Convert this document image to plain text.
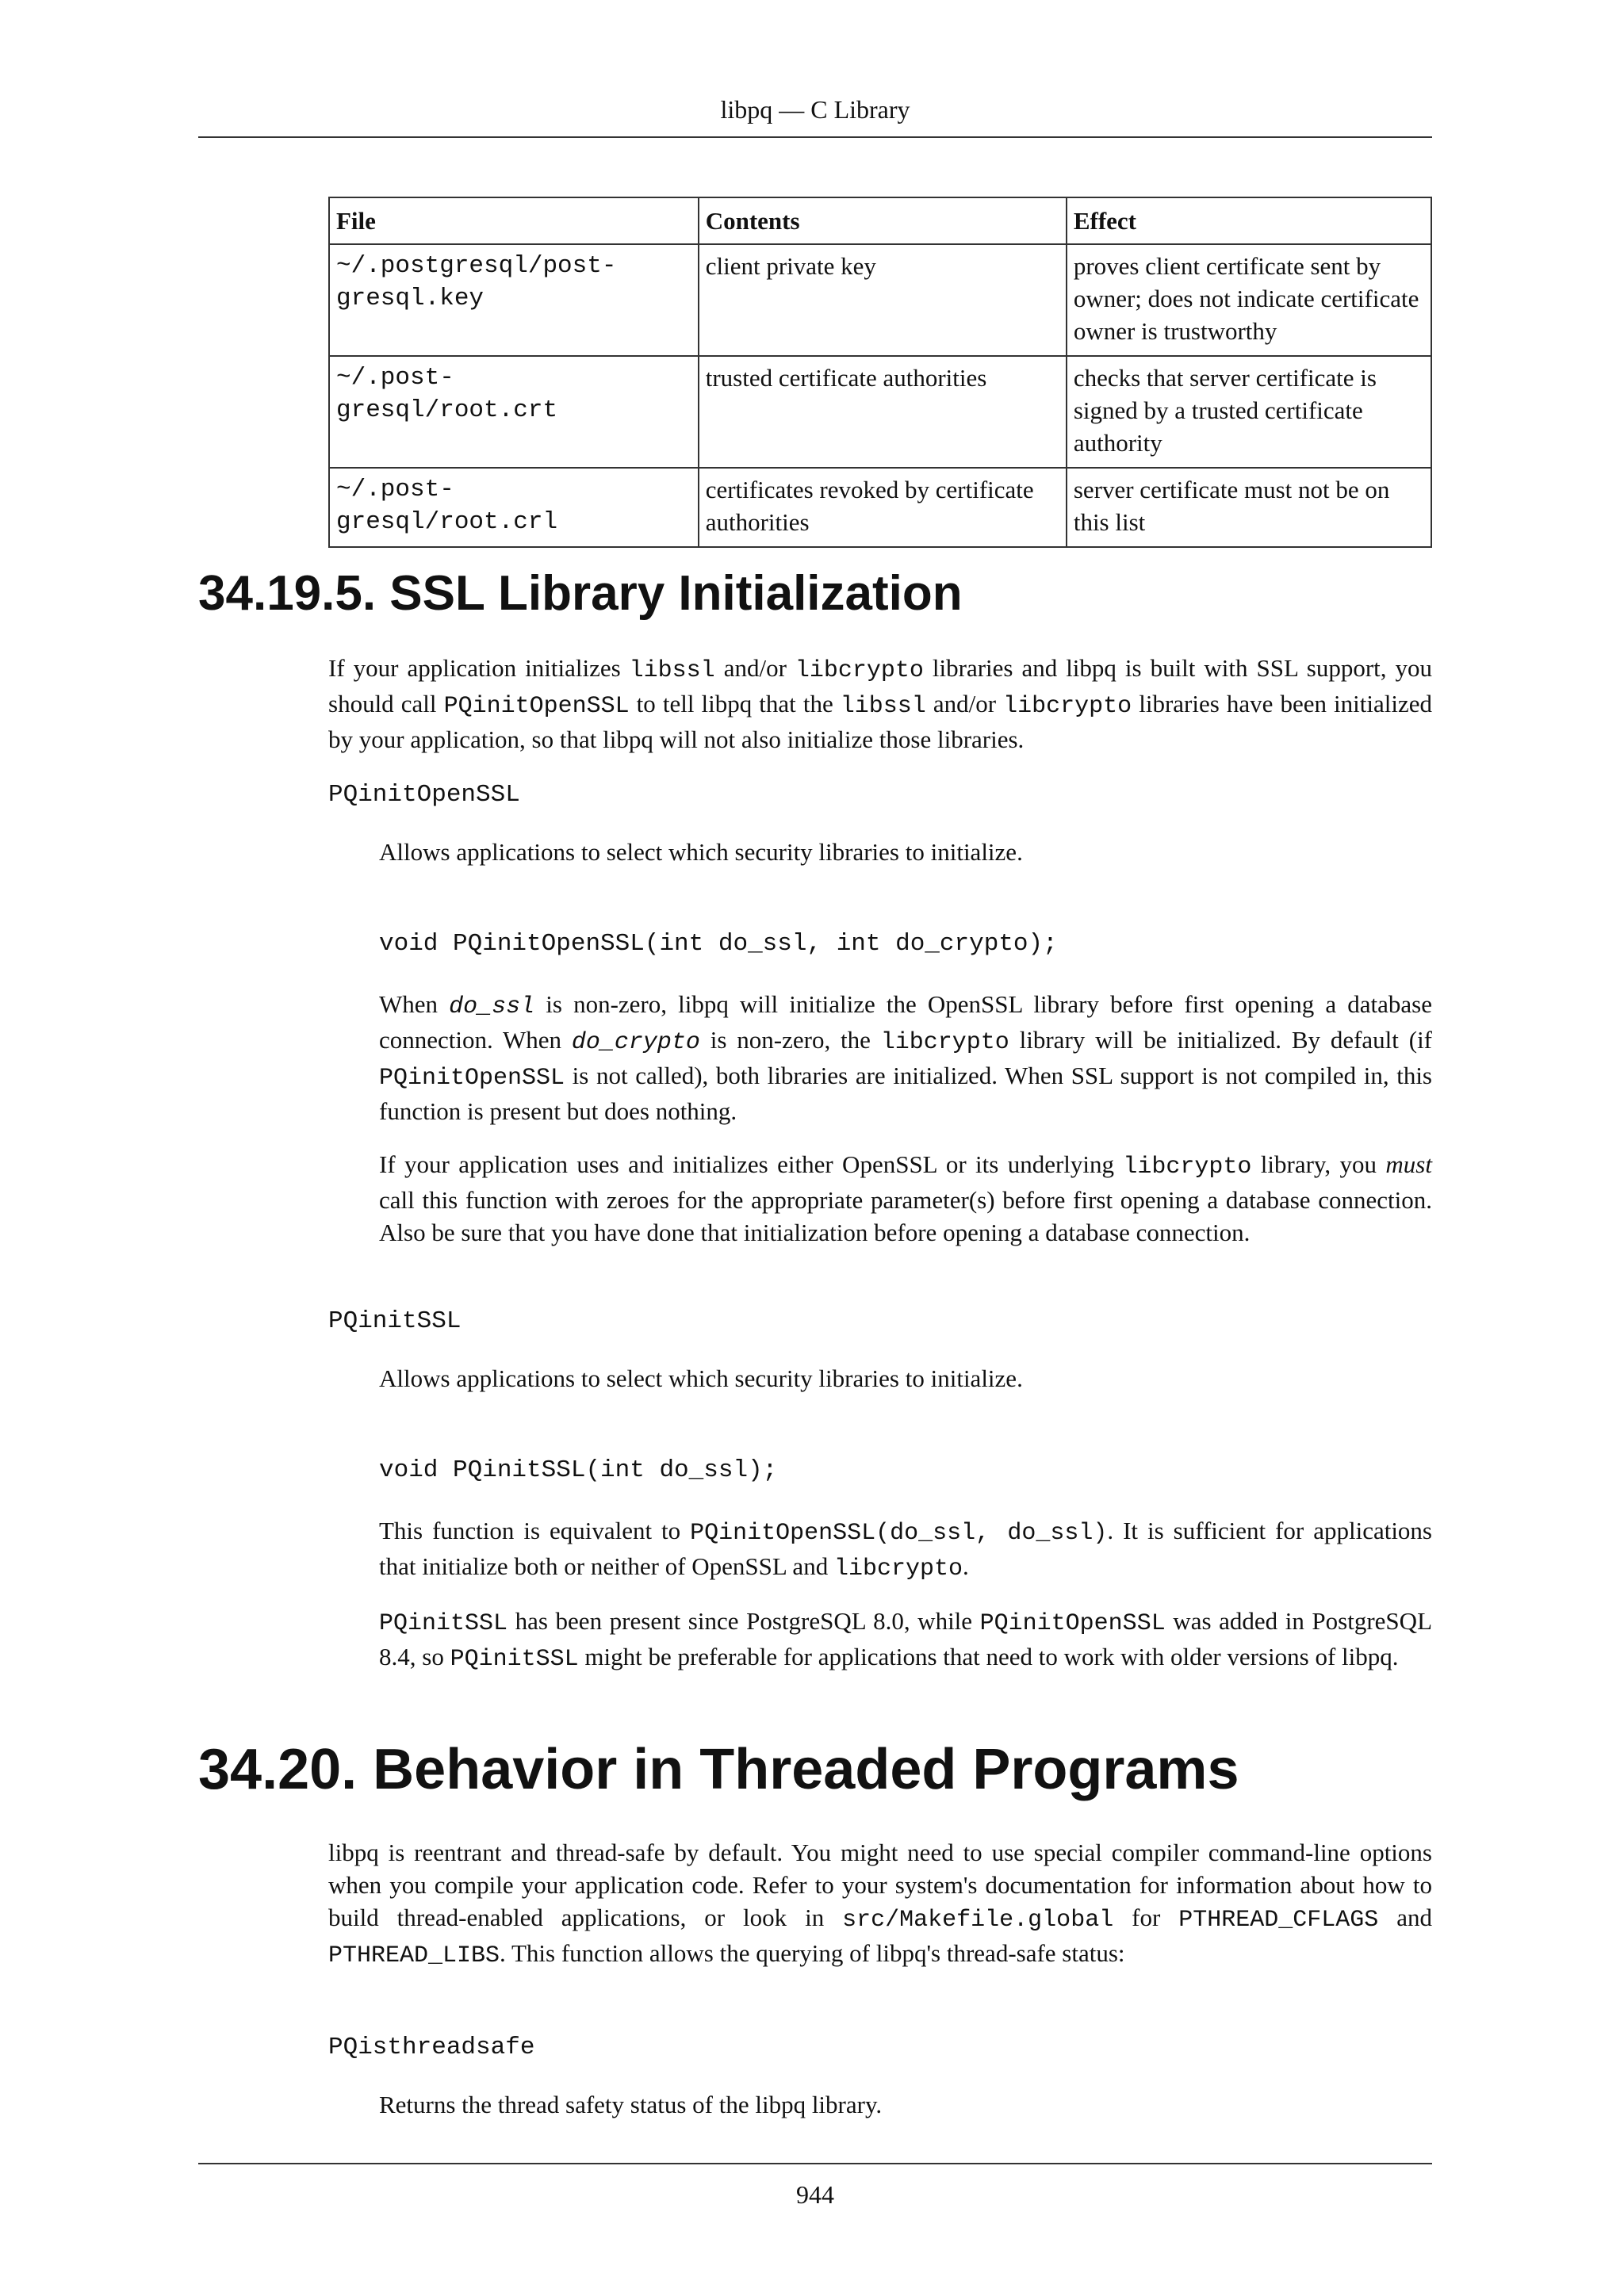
libpq — C Library
File	Contents	Effect
~/.postgresql/post-
gresql.key	client private key	proves client certificate sent by owner; does not indicate certificate owner is trustworthy
~/.post-
gresql/root.crt	trusted certificate authorities	checks that server certificate is signed by a trusted certificate authority
~/.post-
gresql/root.crl	certificates revoked by certificate authorities	server certificate must not be on this list
34.19.5. SSL Library Initialization

If your application initializes libssl and/or libcrypto libraries and libpq is built with SSL support, you should call PQinitOpenSSL to tell libpq that the libssl and/or libcrypto libraries have been initialized by your application, so that libpq will not also initialize those libraries.

PQinitOpenSSL

Allows applications to select which security libraries to initialize.

void PQinitOpenSSL(int do_ssl, int do_crypto);

When do_ssl is non-zero, libpq will initialize the OpenSSL library before first opening a database connection. When do_crypto is non-zero, the libcrypto library will be initialized. By default (if PQinitOpenSSL is not called), both libraries are initialized. When SSL support is not compiled in, this function is present but does nothing.

If your application uses and initializes either OpenSSL or its underlying libcrypto library, you must call this function with zeroes for the appropriate parameter(s) before first opening a database connection. Also be sure that you have done that initialization before opening a database connection.

PQinitSSL

Allows applications to select which security libraries to initialize.

void PQinitSSL(int do_ssl);

This function is equivalent to PQinitOpenSSL(do_ssl, do_ssl). It is sufficient for applications that initialize both or neither of OpenSSL and libcrypto.

PQinitSSL has been present since PostgreSQL 8.0, while PQinitOpenSSL was added in PostgreSQL 8.4, so PQinitSSL might be preferable for applications that need to work with older versions of libpq.

34.20. Behavior in Threaded Programs

libpq is reentrant and thread-safe by default. You might need to use special compiler command-line options when you compile your application code. Refer to your system's documentation for information about how to build thread-enabled applications, or look in src/Makefile.global for PTHREAD_CFLAGS and PTHREAD_LIBS. This function allows the querying of libpq's thread-safe status:

PQisthreadsafe

Returns the thread safety status of the libpq library.

944
